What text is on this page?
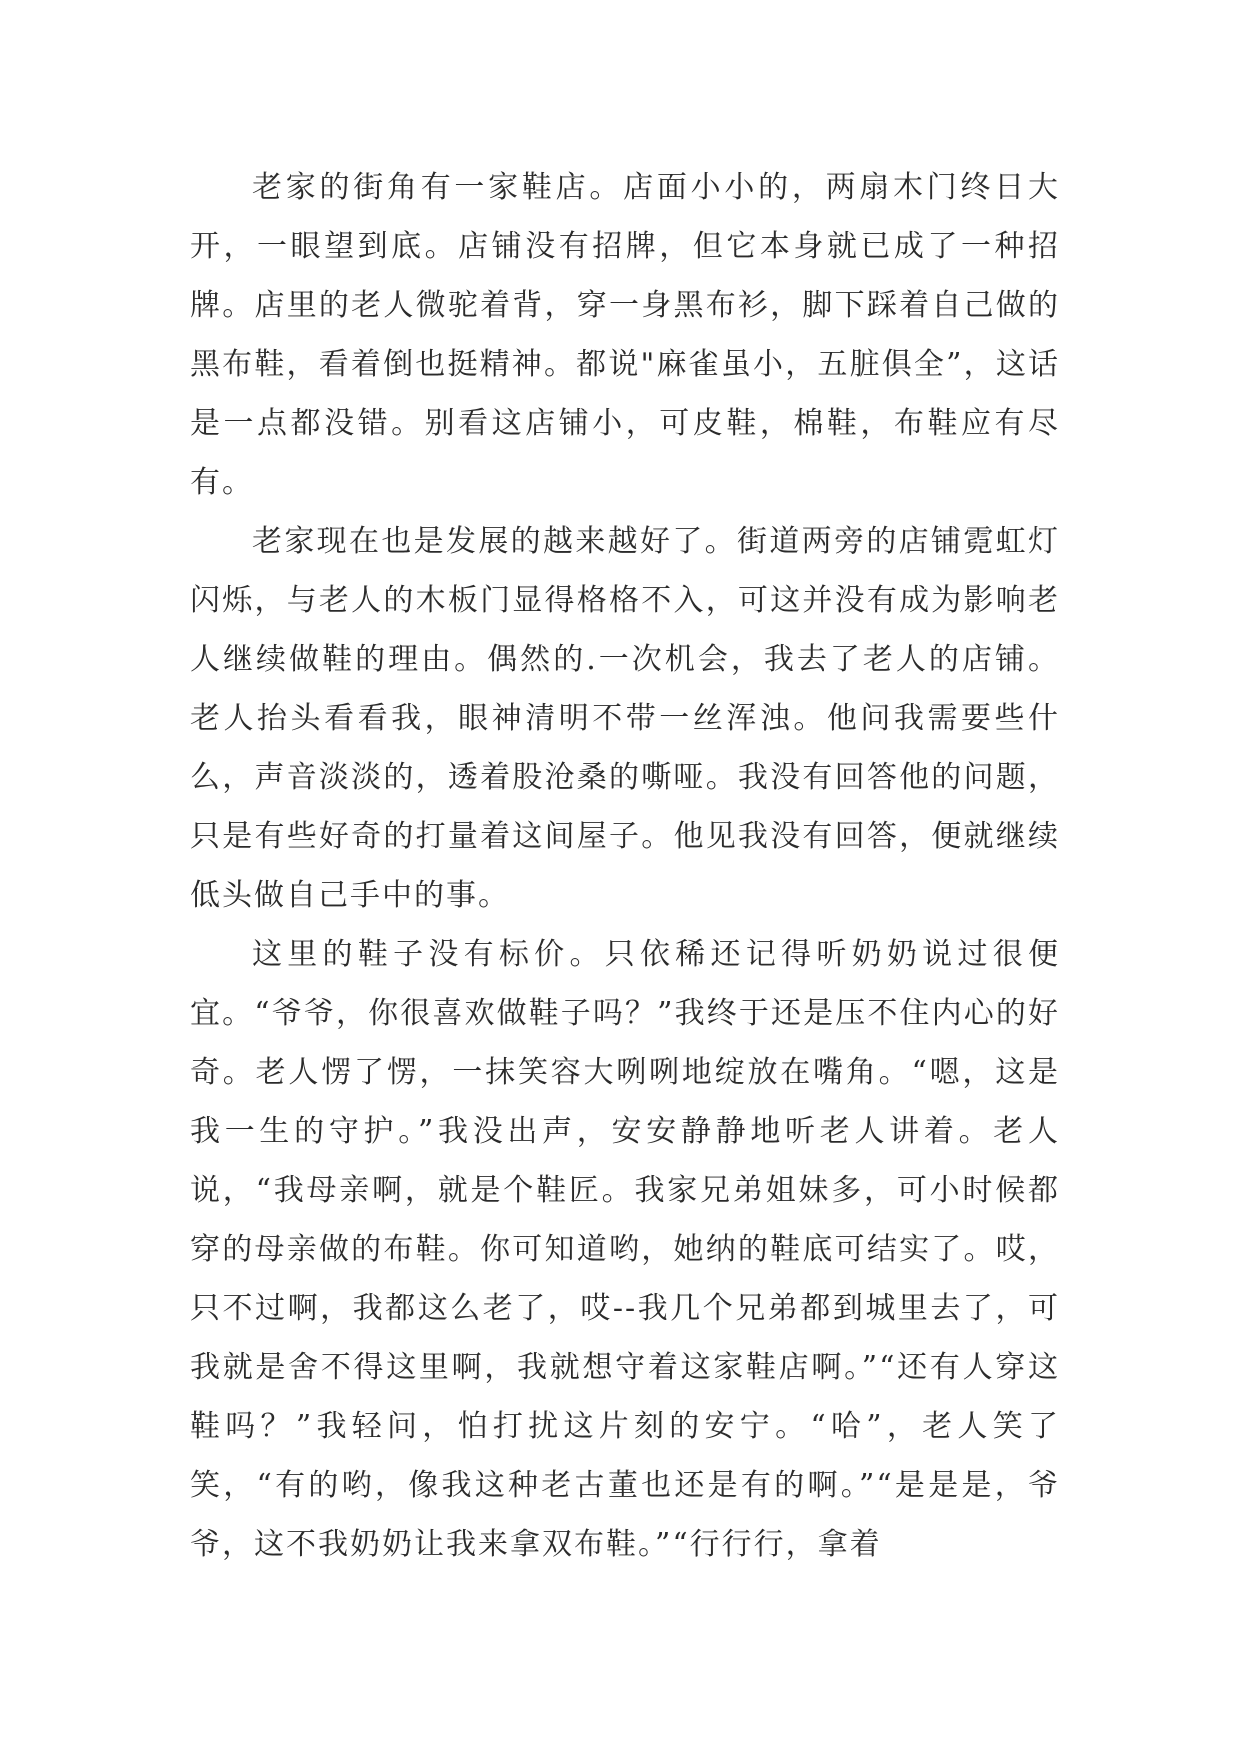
老家的街角有一家鞋店。店面小小的，两扇木门终日大开，一眼望到底。店铺没有招牌，但它本身就已成了一种招牌。店里的老人微驼着背，穿一身黑布衫，脚下踩着自己做的黑布鞋，看着倒也挺精神。都说"麻雀虽小，五脏俱全”，这话是一点都没错。别看这店铺小，可皮鞋，棉鞋，布鞋应有尽有。

老家现在也是发展的越来越好了。街道两旁的店铺霓虹灯闪烁，与老人的木板门显得格格不入，可这并没有成为影响老人继续做鞋的理由。偶然的.一次机会，我去了老人的店铺。老人抬头看看我，眼神清明不带一丝浑浊。他问我需要些什么，声音淡淡的，透着股沧桑的嘶哑。我没有回答他的问题，只是有些好奇的打量着这间屋子。他见我没有回答，便就继续低头做自己手中的事。

这里的鞋子没有标价。只依稀还记得听奶奶说过很便宜。“爷爷，你很喜欢做鞋子吗？”我终于还是压不住内心的好奇。老人愣了愣，一抹笑容大咧咧地绽放在嘴角。“嗯，这是我一生的守护。”我没出声，安安静静地听老人讲着。老人说，“我母亲啊，就是个鞋匠。我家兄弟姐妹多，可小时候都穿的母亲做的布鞋。你可知道哟，她纳的鞋底可结实了。哎，只不过啊，我都这么老了，哎--我几个兄弟都到城里去了，可我就是舍不得这里啊，我就想守着这家鞋店啊。”“还有人穿这鞋吗？”我轻问，怕打扰这片刻的安宁。“哈”，老人笑了笑，“有的哟，像我这种老古董也还是有的啊。”“是是是，爷爷，这不我奶奶让我来拿双布鞋。”“行行行，拿着
